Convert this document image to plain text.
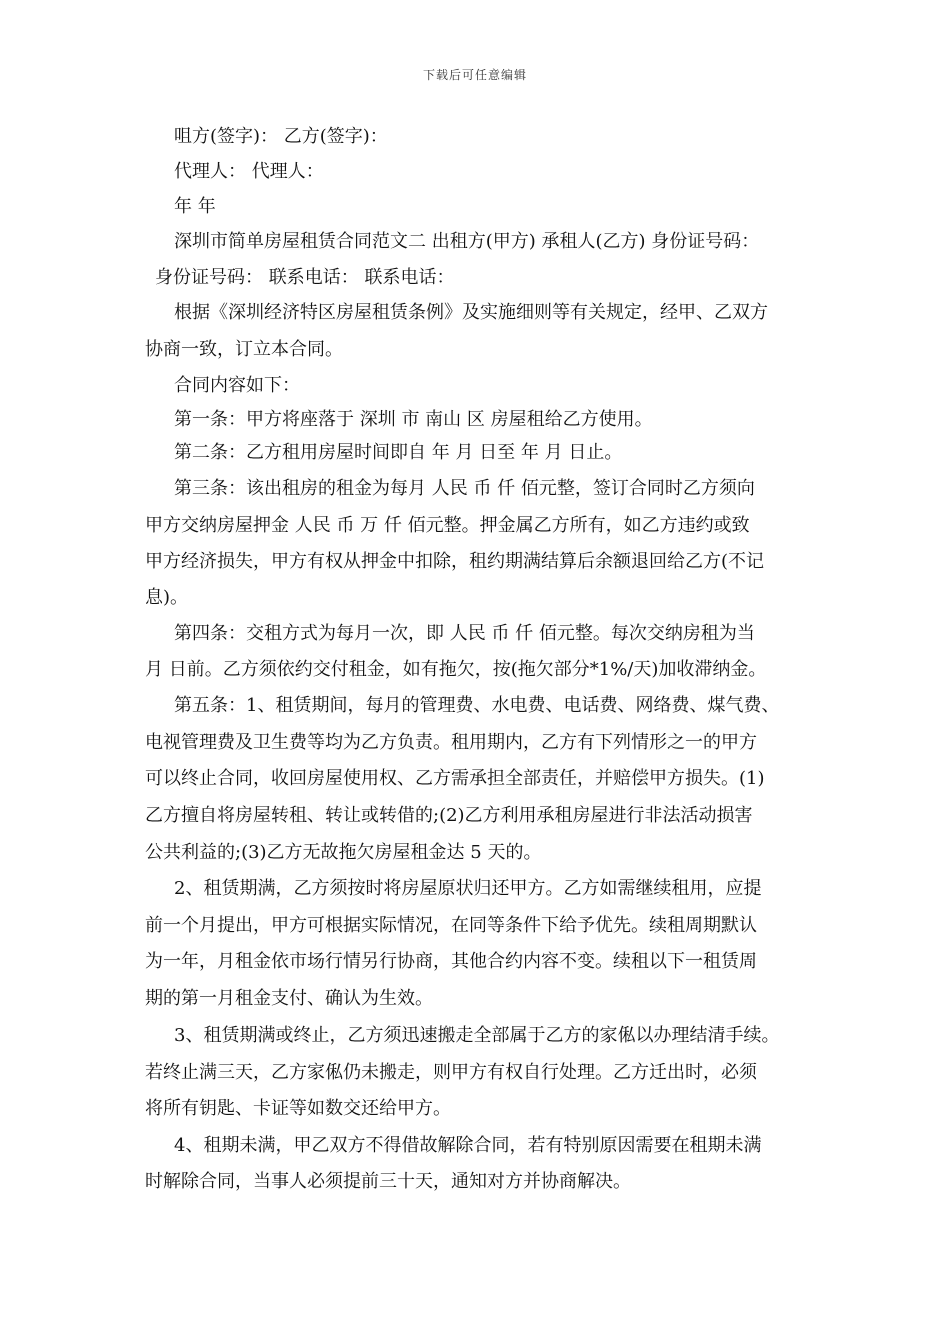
下载后可任意编辑
咀方(签字)： 乙方(签字)：
代理人： 代理人：
年 年
深圳市简单房屋租赁合同范文二 出租方(甲方) 承租人(乙方) 身份证号码：
身份证号码： 联系电话： 联系电话：
根据《深圳经济特区房屋租赁条例》及实施细则等有关规定，经甲、乙双方
协商一致，订立本合同。
合同内容如下：
第一条：甲方将座落于 深圳 市 南山 区 房屋租给乙方使用。
第二条：乙方租用房屋时间即自 年 月 日至 年 月 日止。
第三条：该出租房的租金为每月 人民 币 仟 佰元整，签订合同时乙方须向
甲方交纳房屋押金 人民 币 万 仟 佰元整。押金属乙方所有，如乙方违约或致
甲方经济损失，甲方有权从押金中扣除，租约期满结算后余额退回给乙方(不记
息)。
第四条：交租方式为每月一次，即 人民 币 仟 佰元整。每次交纳房租为当
月 日前。乙方须依约交付租金，如有拖欠，按(拖欠部分*1%/天)加收滞纳金。
第五条：1、租赁期间，每月的管理费、水电费、电话费、网络费、煤气费、
电视管理费及卫生费等均为乙方负责。租用期内，乙方有下列情形之一的甲方
可以终止合同，收回房屋使用权、乙方需承担全部责任，并赔偿甲方损失。(1)
乙方擅自将房屋转租、转让或转借的;(2)乙方利用承租房屋进行非法活动损害
公共利益的;(3)乙方无故拖欠房屋租金达 5 天的。
2、租赁期满，乙方须按时将房屋原状归还甲方。乙方如需继续租用，应提
前一个月提出，甲方可根据实际情况，在同等条件下给予优先。续租周期默认
为一年，月租金依市场行情另行协商，其他合约内容不变。续租以下一租赁周
期的第一月租金支付、确认为生效。
3、租赁期满或终止，乙方须迅速搬走全部属于乙方的家俬以办理结清手续。
若终止满三天，乙方家俬仍未搬走，则甲方有权自行处理。乙方迁出时，必须
将所有钥匙、卡证等如数交还给甲方。
4、租期未满，甲乙双方不得借故解除合同，若有特别原因需要在租期未满
时解除合同，当事人必须提前三十天，通知对方并协商解决。
